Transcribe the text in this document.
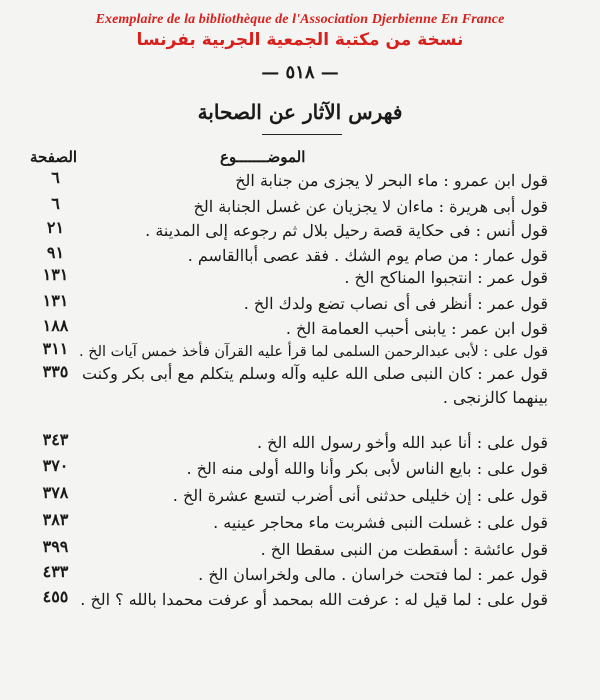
Exemplaire de la bibliothèque de l'Association Djerbienne En France
نسخة من مكتبة الجمعية الجربية بفرنسا
— ٥١٨ —
فهرس الآثار عن الصحابة
الصفحة	الموضـــــــوع
٦	قول ابن عمرو : ماء البحر لا يجزى من جنابة الخ
٦	قول أبى هريرة : ماءان لا يجزيان عن غسل الجنابة الخ
٢١	قول أنس : فى حكاية قصة رحيل بلال ثم رجوعه إلى المدينة .
٩١	قول عمار : من صام يوم الشك . فقد عصى أباالقاسم .
١٣١	قول عمر : انتجبوا المناكح الخ .
١٣١	قول عمر : أنظر فى أى نصاب تضع ولدك الخ .
١٨٨	قول ابن عمر : يابنى أحبب العمامة الخ .
٣١١ قول على : لأبى عبدالرحمن السلمى لما قرأ عليه القرآن فأخذ خمس آيات الخ .
٣٣٥ قول عمر : كان النبى صلى الله عليه وآله وسلم يتكلم مع أبى بكر وكنت بينهما كالزنجى .
٣٤٣	قول على : أنا عبد الله وأخو رسول الله الخ .
٣٧٠	قول على : بايع الناس لأبى بكر وأنا والله أولى منه الخ .
٣٧٨	قول على : إن خليلى حدثنى أنى أضرب لتسع عشرة الخ .
٣٨٣	قول على : غسلت النبى فشربت ماء محاجر عينيه .
٣٩٩	قول عائشة : أسقطت من النبى سقطا الخ .
٤٣٣	قول عمر : لما فتحت خراسان . مالى ولخراسان الخ .
٤٥٥ قول على : لما قيل له : عرفت الله بمحمد أو عرفت محمدا بالله ؟ الخ .
